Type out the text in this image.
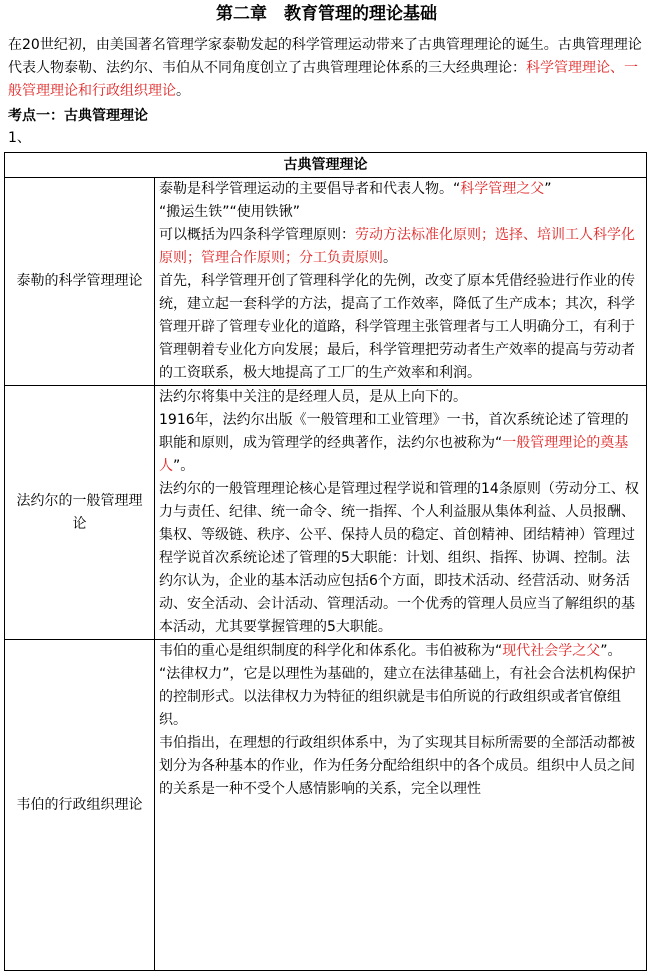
第二章　教育管理的理论基础

在20世纪初，由美国著名管理学家泰勒发起的科学管理运动带来了古典管理理论的诞生。古典管理理论代表人物泰勒、法约尔、韦伯从不同角度创立了古典管理理论体系的三大经典理论：科学管理理论、一般管理理论和行政组织理论。

考点一：古典管理理论

1、

古典管理理论	
泰勒的科学管理理论	泰勒是科学管理运动的主要倡导者和代表人物。“科学管理之父”

“搬运生铁”“使用铁锹”

可以概括为四条科学管理原则：劳动方法标准化原则；选择、培训工人科学化原则；管理合作原则；分工负责原则。

首先，科学管理开创了管理科学化的先例，改变了原本凭借经验进行作业的传统，建立起一套科学的方法，提高了工作效率，降低了生产成本；其次，科学管理开辟了管理专业化的道路，科学管理主张管理者与工人明确分工，有利于管理朝着专业化方向发展；最后，科学管理把劳动者生产效率的提高与劳动者的工资联系，极大地提高了工厂的生产效率和利润。

法约尔的一般管理理论	法约尔将集中关注的是经理人员，是从上向下的。

1916年，法约尔出版《一般管理和工业管理》一书，首次系统论述了管理的职能和原则，成为管理学的经典著作，法约尔也被称为“一般管理理论的奠基人”。

法约尔的一般管理理论核心是管理过程学说和管理的14条原则（劳动分工、权力与责任、纪律、统一命令、统一指挥、个人利益服从集体利益、人员报酬、集权、等级链、秩序、公平、保持人员的稳定、首创精神、团结精神）管理过程学说首次系统论述了管理的5大职能：计划、组织、指挥、协调、控制。法约尔认为，企业的基本活动应包括6个方面，即技术活动、经营活动、财务活动、安全活动、会计活动、管理活动。一个优秀的管理人员应当了解组织的基本活动，尤其要掌握管理的5大职能。

韦伯的行政组织理论	韦伯的重心是组织制度的科学化和体系化。韦伯被称为“现代社会学之父”。

“法律权力”，它是以理性为基础的，建立在法律基础上，有社会合法机构保护的控制形式。以法律权力为特征的组织就是韦伯所说的行政组织或者官僚组织。

韦伯指出，在理想的行政组织体系中，为了实现其目标所需要的全部活动都被划分为各种基本的作业，作为任务分配给组织中的各个成员。组织中人员之间的关系是一种不受个人感情影响的关系，完全以理性
